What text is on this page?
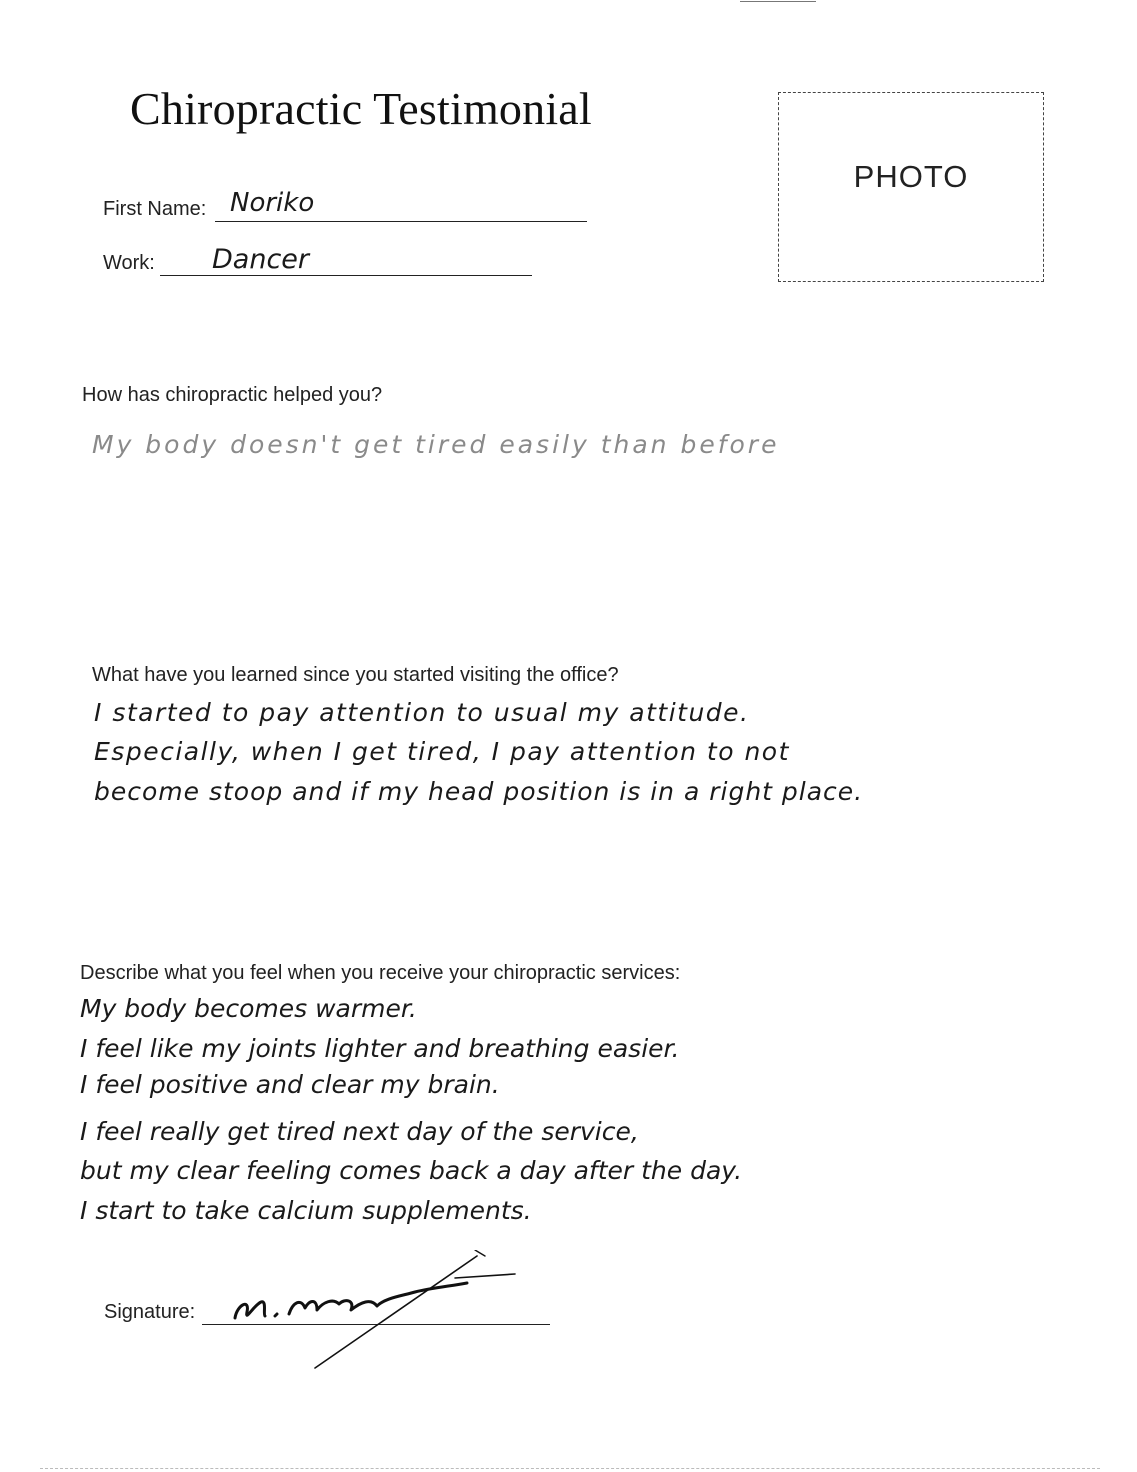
Chiropractic Testimonial
PHOTO
First Name: Noriko
Work: Dancer
How has chiropractic helped you?
My body doesn't get tired easily than before
What have you learned since you started visiting the office?
I started to pay attention to usual my attitude.
Especially, when I get tired, I pay attention to not
become stoop and if my head position is in a right place.
Describe what you feel when you receive your chiropractic services:
My body becomes warmer.
I feel like my joints lighter and breathing easier.
I feel positive and clear my brain.
I feel really get tired next day of the service,
but my clear feeling comes back a day after the day.
I start to take calcium supplements.
Signature:
M. Nanako
